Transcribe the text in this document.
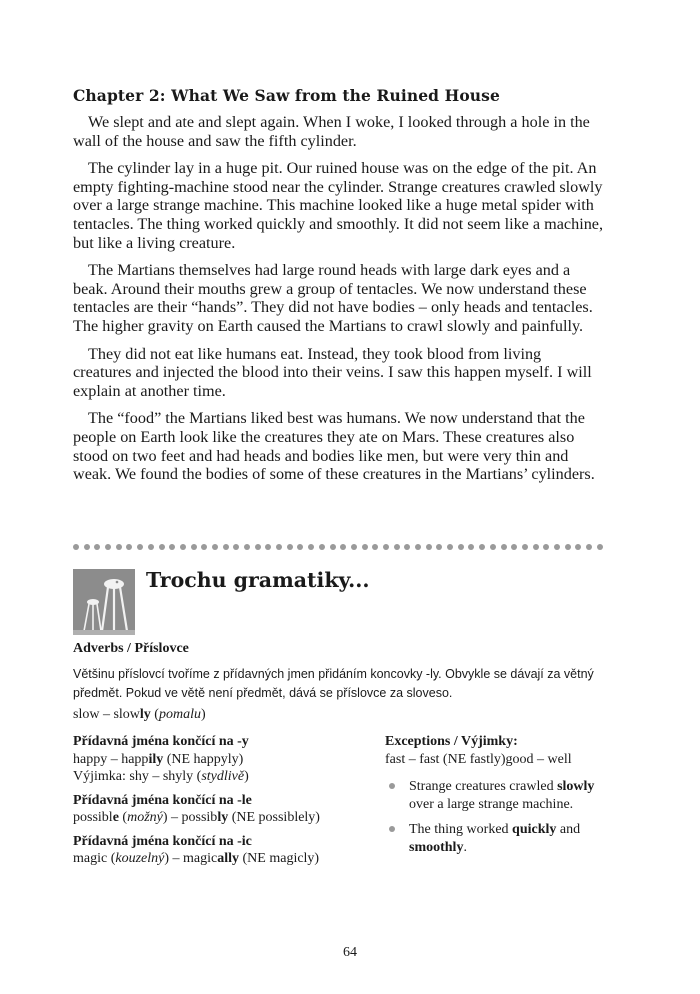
Chapter 2: What We Saw from the Ruined House

We slept and ate and slept again. When I woke, I looked through a hole in the wall of the house and saw the fifth cylinder.

The cylinder lay in a huge pit. Our ruined house was on the edge of the pit. An empty fighting-machine stood near the cylinder. Strange creatures crawled slowly over a large strange machine. This machine looked like a huge metal spider with tentacles. The thing worked quickly and smoothly. It did not seem like a machine, but like a living creature.

The Martians themselves had large round heads with large dark eyes and a beak. Around their mouths grew a group of tentacles. We now understand these tentacles are their “hands”. They did not have bodies – only heads and tentacles. The higher gravity on Earth caused the Martians to crawl slowly and painfully.

They did not eat like humans eat. Instead, they took blood from living creatures and injected the blood into their veins. I saw this happen myself. I will explain at another time.

The “food” the Martians liked best was humans. We now understand that the people on Earth look like the creatures they ate on Mars. These creatures also stood on two feet and had heads and bodies like men, but were very thin and weak. We found the bodies of some of these creatures in the Martians’ cylinders.

Trochu gramatiky...
Adverbs / Příslovce
Většinu příslovcí tvoříme z přídavných jmen přidáním koncovky -ly. Obvykle se dávají za větný předmět. Pokud ve větě není předmět, dává se příslovce za sloveso.
slow – slowly (pomalu)
Přídavná jména končící na -y
happy – happily (NE happyly)
Výjimka: shy – shyly (stydlivě)
Přídavná jména končící na -le
possible (možný) – possibly (NE possiblely)
Přídavná jména končící na -ic
magic (kouzelný) – magically (NE magicly)
Exceptions / Výjimky:
fast – fast (NE fastly)good – well
Strange creatures crawled slowly over a large strange machine.
The thing worked quickly and smoothly.
64
